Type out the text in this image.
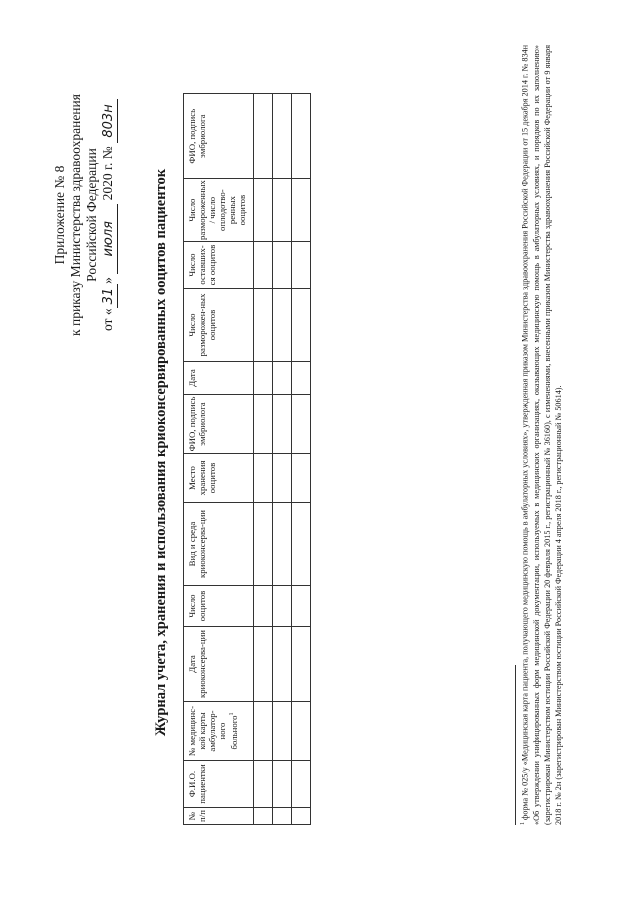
Приложение № 8 к приказу Министерства здравоохранения Российской Федерации
от «31» июля 2020 г. № 803н
Журнал учета, хранения и использования криоконсервированных ооцитов пациенток
№ п/п	Ф.И.О. пациентки	№ медицинс-кой карты амбулатор-ного больного$^1$	Дата криоконсерва-ции	Число ооцитов	Вид и среда криоконсерва-ции	Место хранения ооцитов	ФИО, подпись эмбриолога	Дата	Число разморожен-ных ооцитов	Число оставших-ся ооцитов	Число размороженных / число оплодотво-ренных ооцитов	ФИО, подпись эмбриолога

$^1$ форма № 025/у «Медицинская карта пациента, получающего медицинскую помощь в амбулаторных условиях», утвержденная приказом Министерства здравоохранения Российской Федерации от 15 декабря 2014 г. № 834н «Об утверждении унифицированных форм медицинской документации, используемых в медицинских организациях, оказывающих медицинскую помощь в амбулаторных условиях, и порядков по их заполнению» (зарегистрирован Министерством юстиции Российской Федерации 20 февраля 2015 г., регистрационный № 36160), с изменениями, внесенными приказом Министерства здравоохранения Российской Федерации от 9 января 2018 г. № 2н (зарегистрирован Министерством юстиции Российской Федерации 4 апреля 2018 г., регистрационный № 50614).
